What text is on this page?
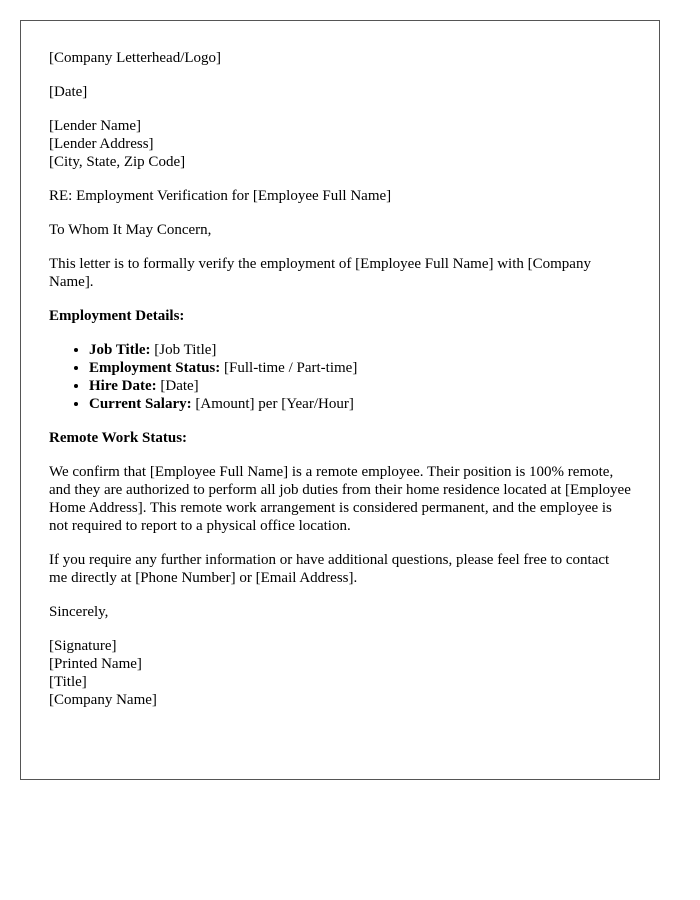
[Company Letterhead/Logo]
[Date]
[Lender Name]
[Lender Address]
[City, State, Zip Code]
RE: Employment Verification for [Employee Full Name]
To Whom It May Concern,
This letter is to formally verify the employment of [Employee Full Name] with [Company Name].
Employment Details:
• Job Title: [Job Title]
• Employment Status: [Full-time / Part-time]
• Hire Date: [Date]
• Current Salary: [Amount] per [Year/Hour]
Remote Work Status:
We confirm that [Employee Full Name] is a remote employee. Their position is 100% remote, and they are authorized to perform all job duties from their home residence located at [Employee Home Address]. This remote work arrangement is considered permanent, and the employee is not required to report to a physical office location.
If you require any further information or have additional questions, please feel free to contact me directly at [Phone Number] or [Email Address].
Sincerely,
[Signature]
[Printed Name]
[Title]
[Company Name]
